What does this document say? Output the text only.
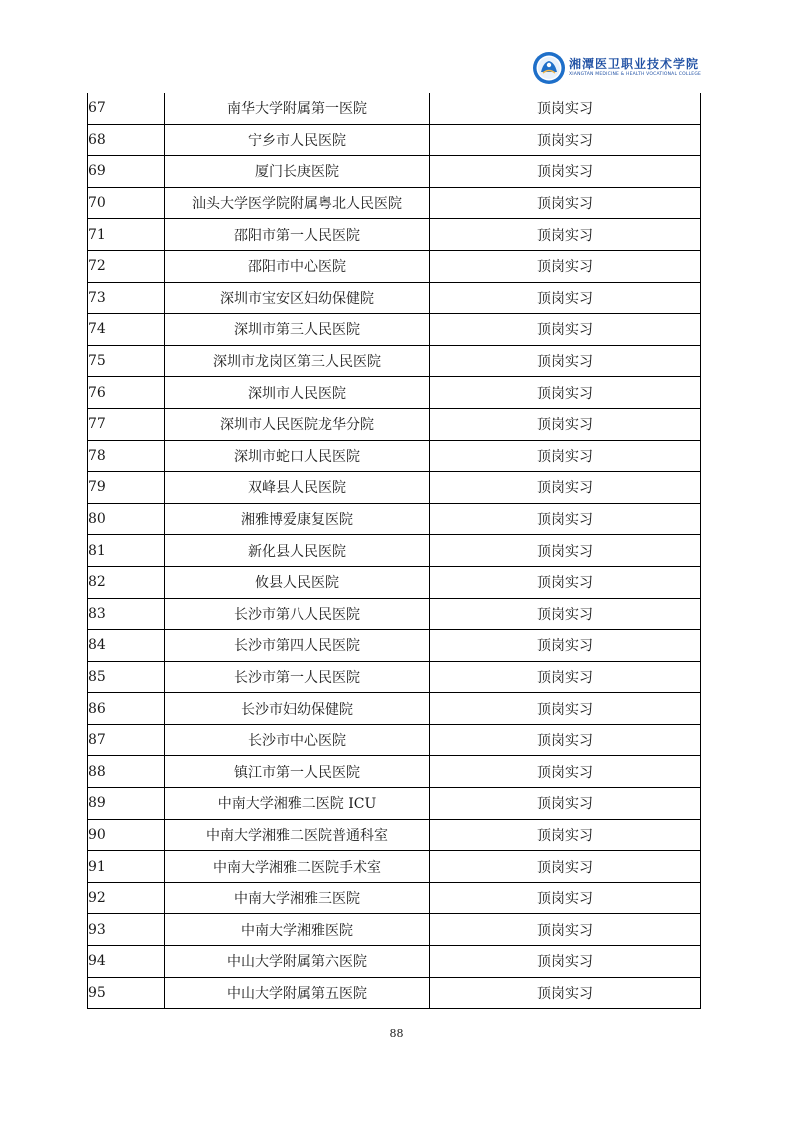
湘潭医卫职业技术学院
XIANGTAN MEDICINE & HEALTH VOCATIONAL COLLEGE
67	南华大学附属第一医院	顶岗实习
68	宁乡市人民医院	顶岗实习
69	厦门长庚医院	顶岗实习
70	汕头大学医学院附属粤北人民医院	顶岗实习
71	邵阳市第一人民医院	顶岗实习
72	邵阳市中心医院	顶岗实习
73	深圳市宝安区妇幼保健院	顶岗实习
74	深圳市第三人民医院	顶岗实习
75	深圳市龙岗区第三人民医院	顶岗实习
76	深圳市人民医院	顶岗实习
77	深圳市人民医院龙华分院	顶岗实习
78	深圳市蛇口人民医院	顶岗实习
79	双峰县人民医院	顶岗实习
80	湘雅博爱康复医院	顶岗实习
81	新化县人民医院	顶岗实习
82	攸县人民医院	顶岗实习
83	长沙市第八人民医院	顶岗实习
84	长沙市第四人民医院	顶岗实习
85	长沙市第一人民医院	顶岗实习
86	长沙市妇幼保健院	顶岗实习
87	长沙市中心医院	顶岗实习
88	镇江市第一人民医院	顶岗实习
89	中南大学湘雅二医院 ICU	顶岗实习
90	中南大学湘雅二医院普通科室	顶岗实习
91	中南大学湘雅二医院手术室	顶岗实习
92	中南大学湘雅三医院	顶岗实习
93	中南大学湘雅医院	顶岗实习
94	中山大学附属第六医院	顶岗实习
95	中山大学附属第五医院	顶岗实习
88
